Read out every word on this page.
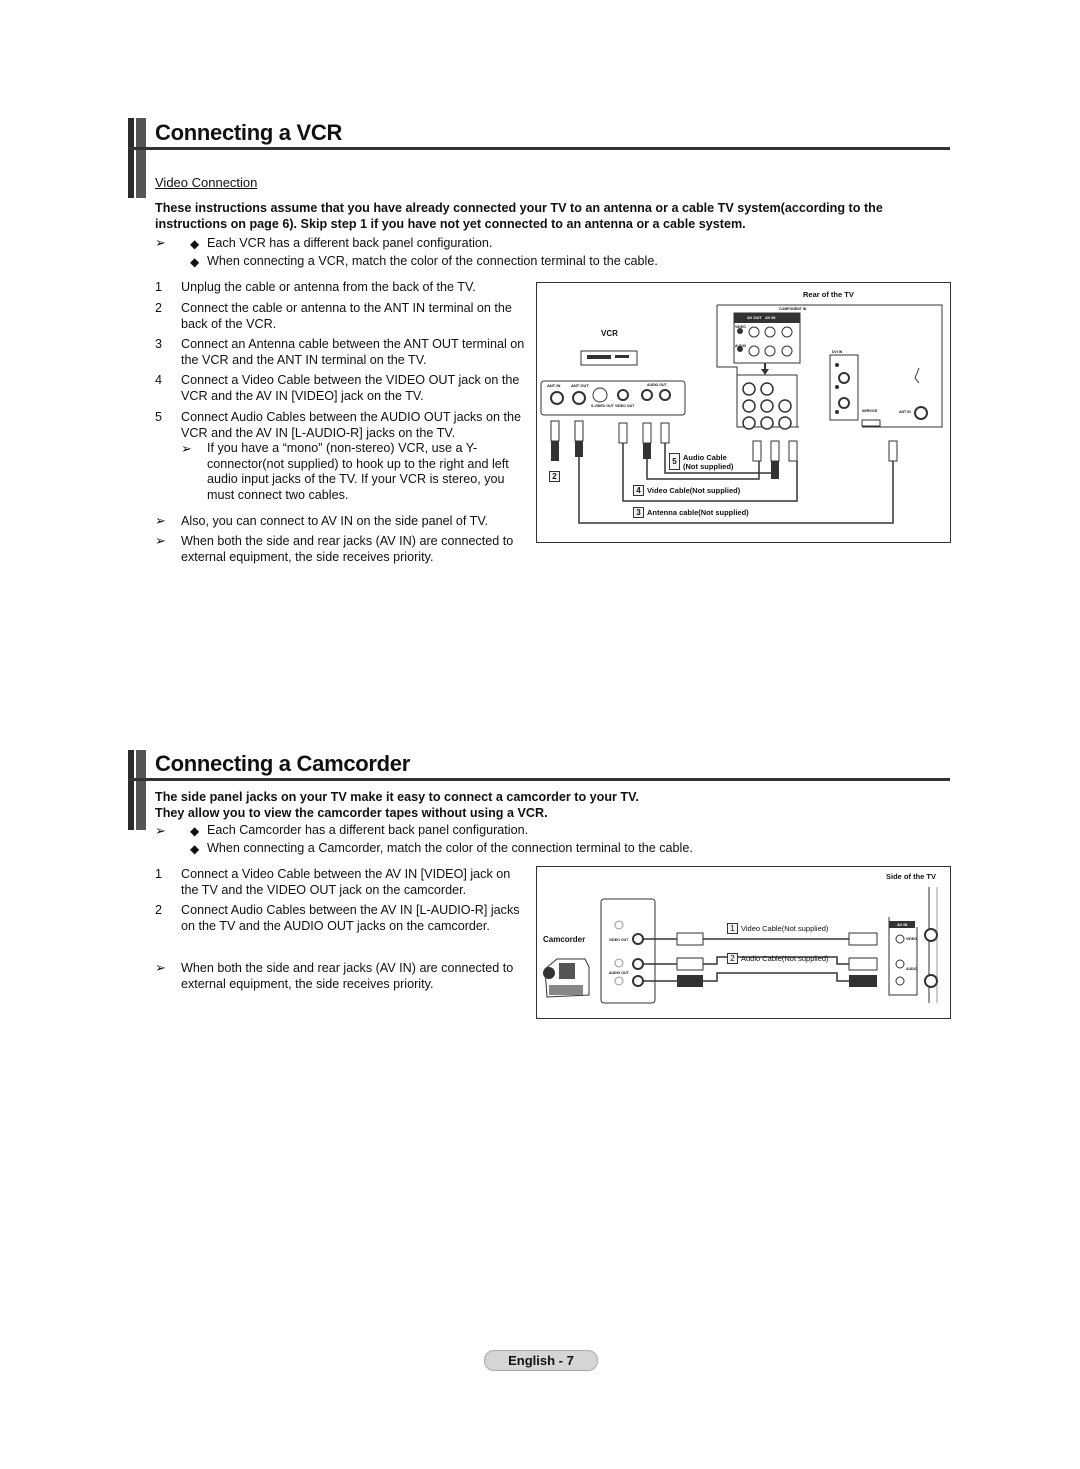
Connecting a VCR
Video Connection
These instructions assume that you have already connected your TV to an antenna or a cable TV system(according to the instructions on page 6). Skip step 1 if you have not yet connected to an antenna or a cable system.
➢ ◆ Each VCR has a different back panel configuration.
◆ When connecting a VCR, match the color of the connection terminal to the cable.
1 Unplug the cable or antenna from the back of the TV.
2 Connect the cable or antenna to the ANT IN terminal on the back of the VCR.
3 Connect an Antenna cable between the ANT OUT terminal on the VCR and the ANT IN terminal on the TV.
4 Connect a Video Cable between the VIDEO OUT jack on the VCR and the AV IN [VIDEO] jack on the TV.
5 Connect Audio Cables between the AUDIO OUT jacks on the VCR and the AV IN [L-AUDIO-R] jacks on the TV.
➢ If you have a “mono” (non-stereo) VCR, use a Y-connector(not supplied) to hook up to the right and left audio input jacks of the TV. If your VCR is stereo, you must connect two cables.
➢ Also, you can connect to AV IN on the side panel of TV.
➢ When both the side and rear jacks (AV IN) are connected to external equipment, the side receives priority.
Rear of the TV
VCR
AV OUT AV IN
COMPONENT IN
VIDEO
AUDIO
DVI IN
SERVICE	ANT IN
ANT IN	ANT OUT
S-VIDEO OUT VIDEO OUT
AUDIO OUT
2
5 Audio Cable
(Not supplied)
4 Video Cable(Not supplied)
3 Antenna cable(Not supplied)
Connecting a Camcorder
The side panel jacks on your TV make it easy to connect a camcorder to your TV.
They allow you to view the camcorder tapes without using a VCR.
➢ ◆ Each Camcorder has a different back panel configuration.
◆ When connecting a Camcorder, match the color of the connection terminal to the cable.
1 Connect a Video Cable between the AV IN [VIDEO] jack on the TV and the VIDEO OUT jack on the camcorder.
2 Connect Audio Cables between the AV IN [L-AUDIO-R] jacks on the TV and the AUDIO OUT jacks on the camcorder.
➢ When both the side and rear jacks (AV IN) are connected to external equipment, the side receives priority.
Side of the TV
Camcorder	VIDEO OUT
AUDIO OUT
AV IN
VIDEO
AUDIO
1 Video Cable(Not supplied)
2 Audio Cable(Not supplied)
English - 7
